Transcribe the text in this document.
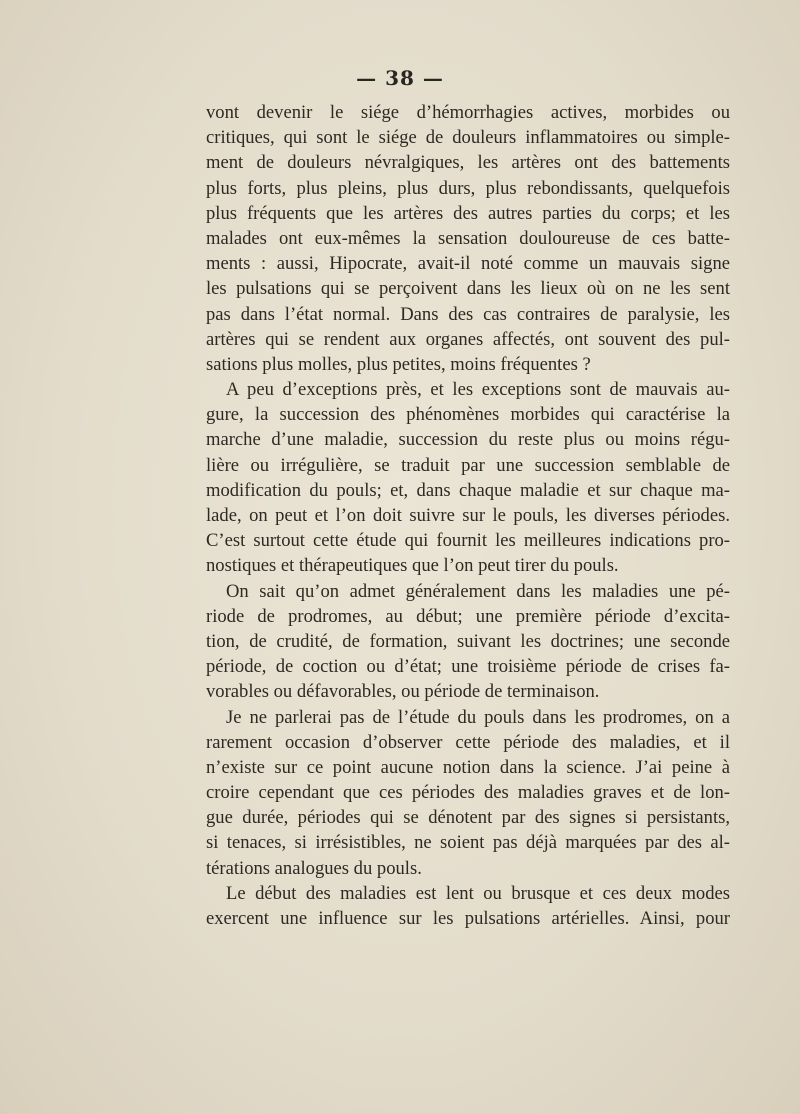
— 38 —
vont devenir le siége d’hémorrhagies actives, morbides ou
critiques, qui sont le siége de douleurs inflammatoires ou simple-
ment de douleurs névralgiques, les artères ont des battements
plus forts, plus pleins, plus durs, plus rebondissants, quelquefois
plus fréquents que les artères des autres parties du corps; et les
malades ont eux-mêmes la sensation douloureuse de ces batte-
ments : aussi, Hipocrate, avait-il noté comme un mauvais signe
les pulsations qui se perçoivent dans les lieux où on ne les sent
pas dans l’état normal. Dans des cas contraires de paralysie, les
artères qui se rendent aux organes affectés, ont souvent des pul-
sations plus molles, plus petites, moins fréquentes ?
A peu d’exceptions près, et les exceptions sont de mauvais au-
gure, la succession des phénomènes morbides qui caractérise la
marche d’une maladie, succession du reste plus ou moins régu-
lière ou irrégulière, se traduit par une succession semblable de
modification du pouls; et, dans chaque maladie et sur chaque ma-
lade, on peut et l’on doit suivre sur le pouls, les diverses périodes.
C’est surtout cette étude qui fournit les meilleures indications pro-
nostiques et thérapeutiques que l’on peut tirer du pouls.
On sait qu’on admet généralement dans les maladies une pé-
riode de prodromes, au début; une première période d’excita-
tion, de crudité, de formation, suivant les doctrines; une seconde
période, de coction ou d’état; une troisième période de crises fa-
vorables ou défavorables, ou période de terminaison.
Je ne parlerai pas de l’étude du pouls dans les prodromes, on a
rarement occasion d’observer cette période des maladies, et il
n’existe sur ce point aucune notion dans la science. J’ai peine à
croire cependant que ces périodes des maladies graves et de lon-
gue durée, périodes qui se dénotent par des signes si persistants,
si tenaces, si irrésistibles, ne soient pas déjà marquées par des al-
térations analogues du pouls.
Le début des maladies est lent ou brusque et ces deux modes
exercent une influence sur les pulsations artérielles. Ainsi, pour
